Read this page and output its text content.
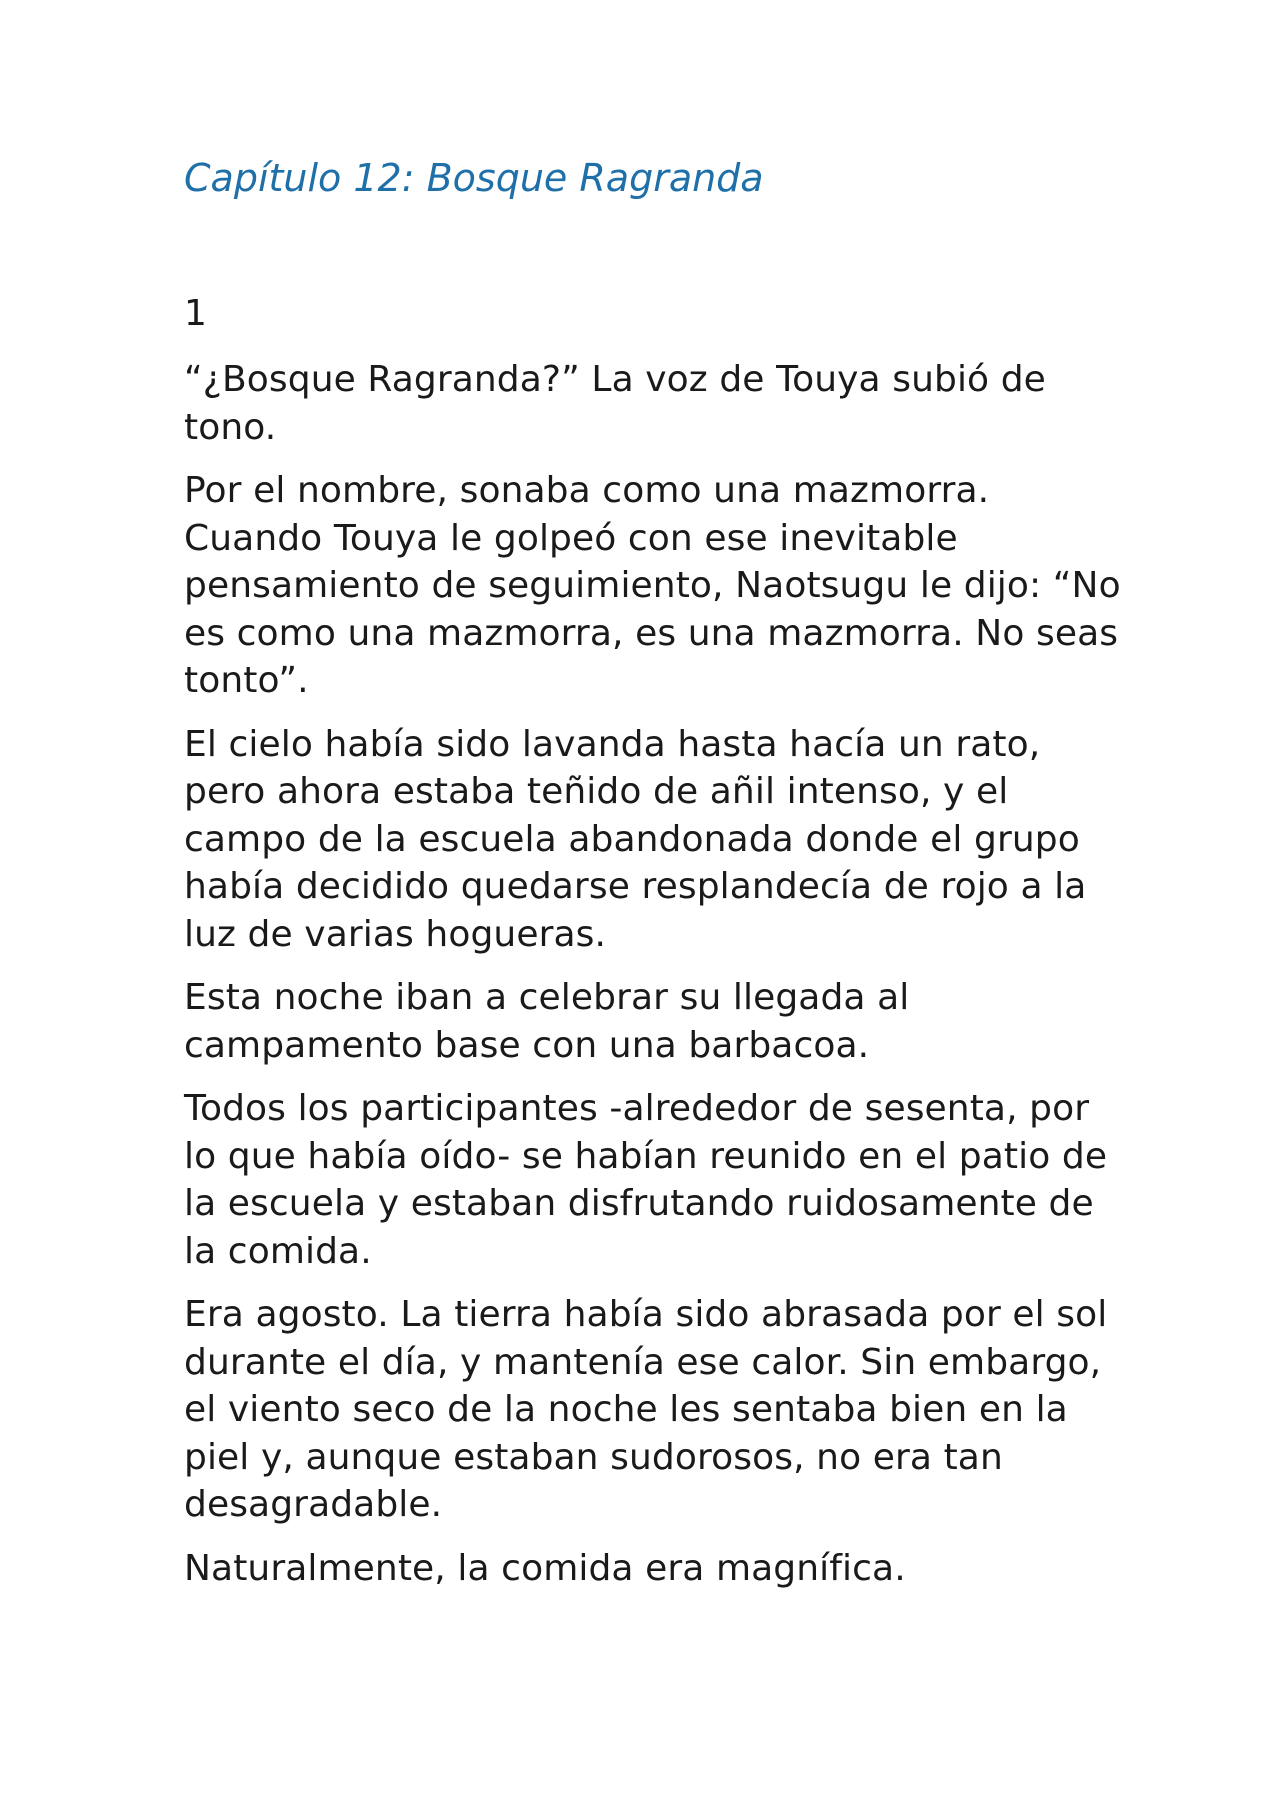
Capítulo 12: Bosque Ragranda

1

“¿Bosque Ragranda?” La voz de Touya subió de tono.

Por el nombre, sonaba como una mazmorra. Cuando Touya le golpeó con ese inevitable pensamiento de seguimiento, Naotsugu le dijo: “No es como una mazmorra, es una mazmorra. No seas tonto”.

El cielo había sido lavanda hasta hacía un rato, pero ahora estaba teñido de añil intenso, y el campo de la escuela abandonada donde el grupo había decidido quedarse resplandecía de rojo a la luz de varias hogueras.

Esta noche iban a celebrar su llegada al campamento base con una barbacoa.

Todos los participantes -alrededor de sesenta, por lo que había oído- se habían reunido en el patio de la escuela y estaban disfrutando ruidosamente de la comida.

Era agosto. La tierra había sido abrasada por el sol durante el día, y mantenía ese calor. Sin embargo, el viento seco de la noche les sentaba bien en la piel y, aunque estaban sudorosos, no era tan desagradable.

Naturalmente, la comida era magnífica.
